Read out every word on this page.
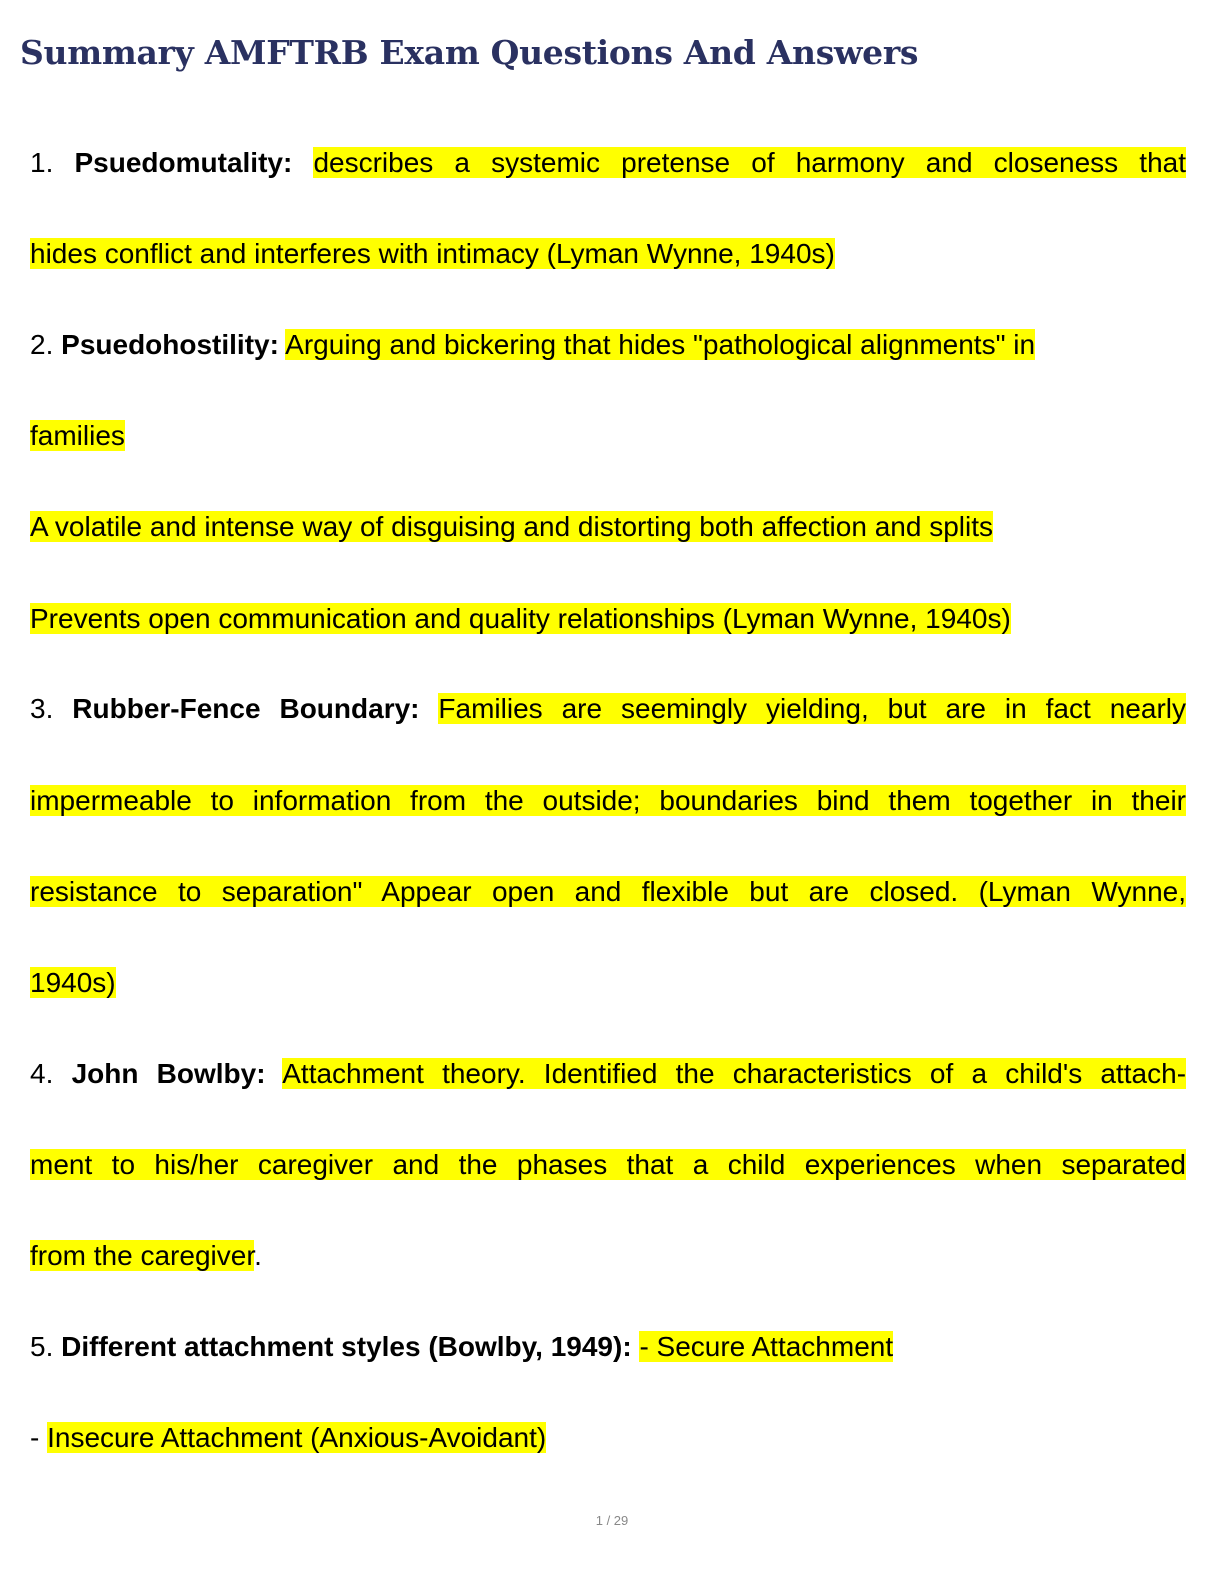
Summary AMFTRB Exam Questions And Answers
1. Psuedomutality: describes a systemic pretense of harmony and closeness that
hides conflict and interferes with intimacy (Lyman Wynne, 1940s)
2. Psuedohostility: Arguing and bickering that hides "pathological alignments" in
families
A volatile and intense way of disguising and distorting both affection and splits
Prevents open communication and quality relationships (Lyman Wynne, 1940s)
3. Rubber-Fence Boundary: Families are seemingly yielding, but are in fact nearly
impermeable to information from the outside; boundaries bind them together in their
resistance to separation" Appear open and flexible but are closed. (Lyman Wynne,
1940s)
4. John Bowlby: Attachment theory. Identified the characteristics of a child's attach-
ment to his/her caregiver and the phases that a child experiences when separated
from the caregiver.
5. Different attachment styles (Bowlby, 1949): - Secure Attachment
- Insecure Attachment (Anxious-Avoidant)
1 / 29
